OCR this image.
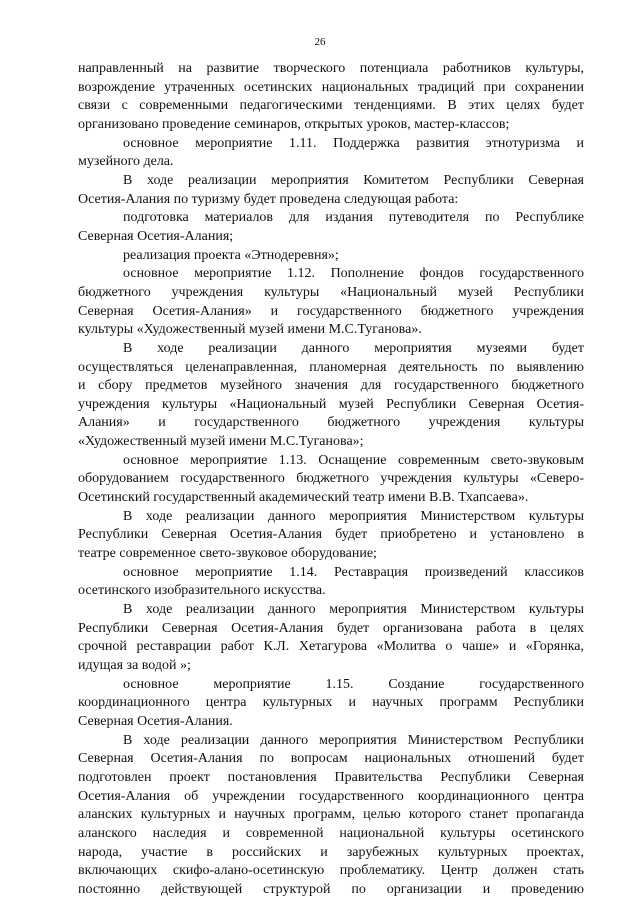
26
направленный на развитие творческого потенциала работников культуры,
возрождение утраченных осетинских национальных традиций при сохранении
связи с современными педагогическими тенденциями. В этих целях будет
организовано проведение семинаров, открытых уроков, мастер-классов;
основное мероприятие 1.11. Поддержка развития этнотуризма и
музейного дела.
В ходе реализации мероприятия Комитетом Республики Северная
Осетия-Алания по туризму будет проведена следующая работа:
подготовка материалов для издания путеводителя по Республике
Северная Осетия-Алания;
реализация проекта «Этнодеревня»;
основное мероприятие 1.12. Пополнение фондов государственного
бюджетного учреждения культуры «Национальный музей Республики
Северная Осетия-Алания» и государственного бюджетного учреждения
культуры «Художественный музей имени М.С.Туганова».
В ходе реализации данного мероприятия музеями будет
осуществляться целенаправленная, планомерная деятельность по выявлению
и сбору предметов музейного значения для государственного бюджетного
учреждения культуры «Национальный музей Республики Северная Осетия-
Алания» и государственного бюджетного учреждения культуры
«Художественный музей имени М.С.Туганова»;
основное мероприятие 1.13. Оснащение современным свето-звуковым
оборудованием государственного бюджетного учреждения культуры «Северо-
Осетинский государственный академический театр имени В.В. Тхапсаева».
В ходе реализации данного мероприятия Министерством культуры
Республики Северная Осетия-Алания будет приобретено и установлено в
театре современное свето-звуковое оборудование;
основное мероприятие 1.14. Реставрация произведений классиков
осетинского изобразительного искусства.
В ходе реализации данного мероприятия Министерством культуры
Республики Северная Осетия-Алания будет организована работа в целях
срочной реставрации работ К.Л. Хетагурова «Молитва о чаше» и «Горянка,
идущая за водой »;
основное мероприятие 1.15. Создание государственного
координационного центра культурных и научных программ Республики
Северная Осетия-Алания.
В ходе реализации данного мероприятия Министерством Республики
Северная Осетия-Алания по вопросам национальных отношений будет
подготовлен проект постановления Правительства Республики Северная
Осетия-Алания об учреждении государственного координационного центра
аланских культурных и научных программ, целью которого станет пропаганда
аланского наследия и современной национальной культуры осетинского
народа, участие в российских и зарубежных культурных проектах,
включающих скифо-алано-осетинскую проблематику. Центр должен стать
постоянно действующей структурой по организации и проведению
